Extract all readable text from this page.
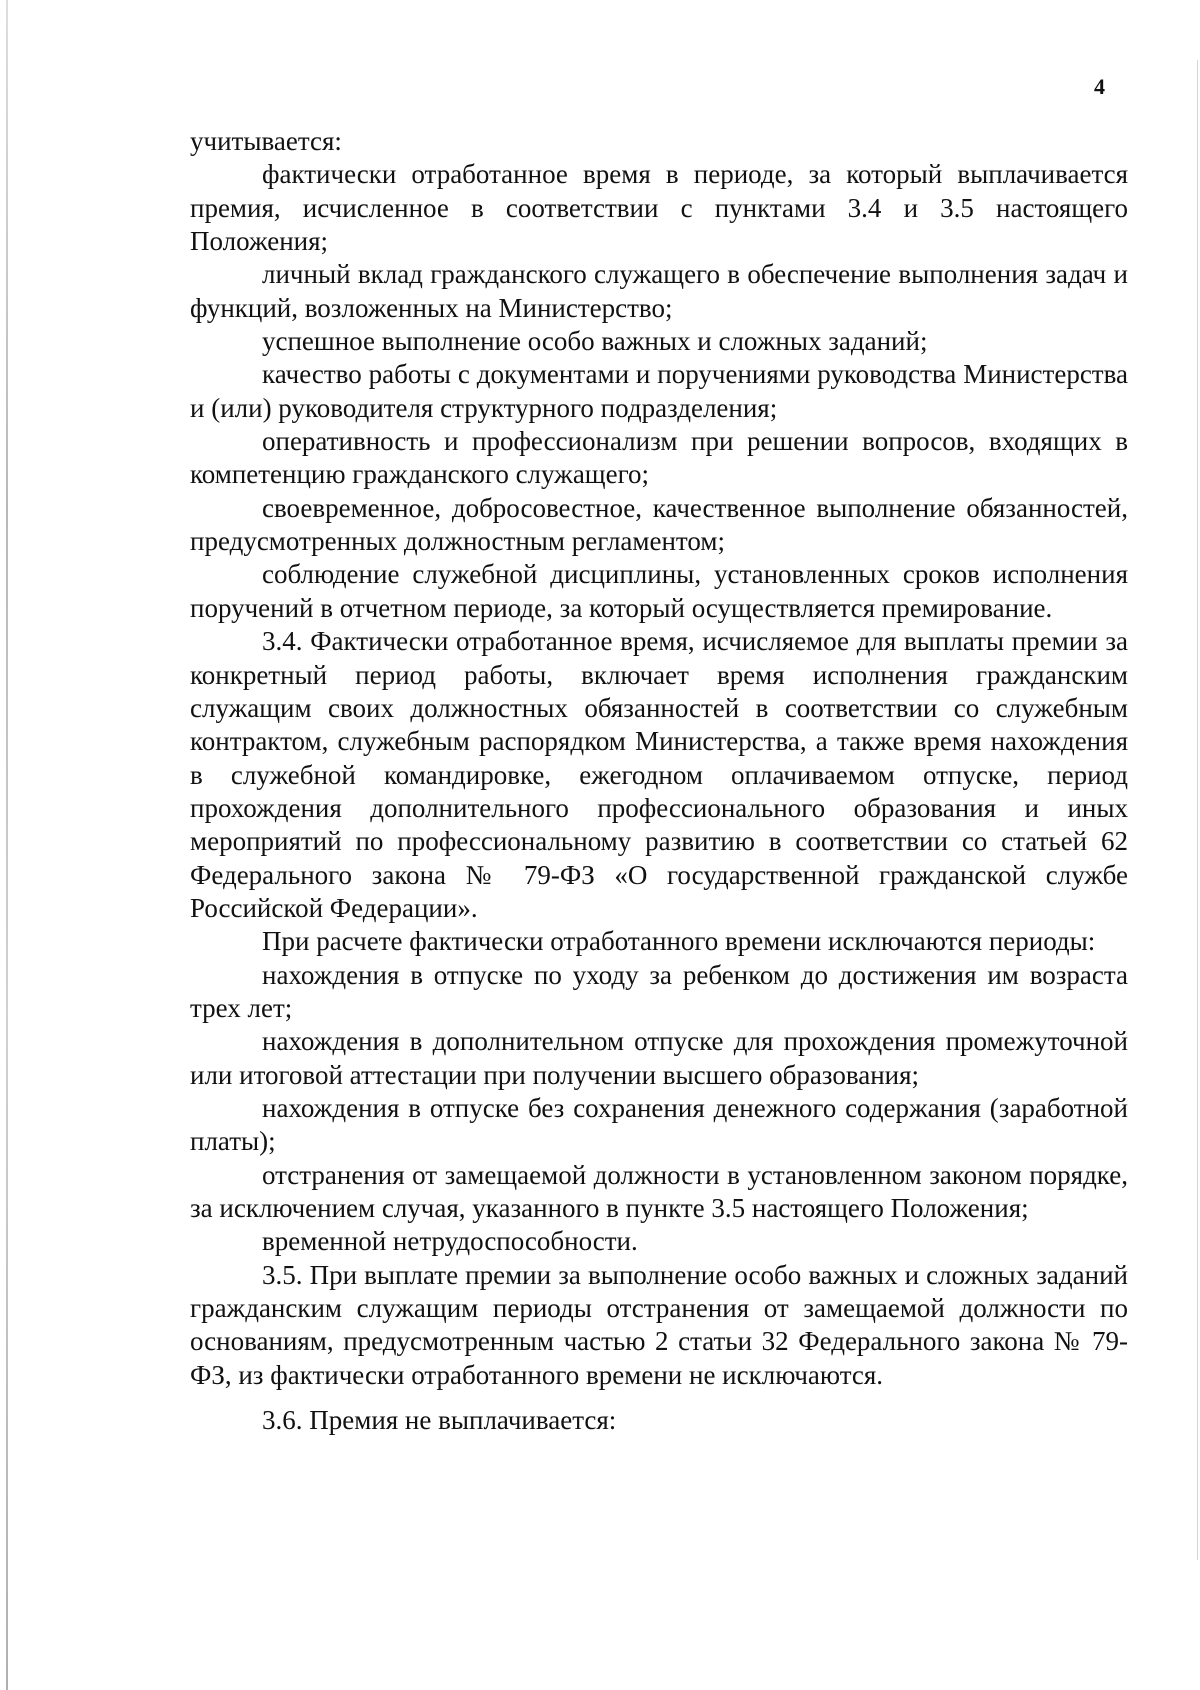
4

учитывается:

фактически отработанное время в периоде, за который выплачивается премия, исчисленное в соответствии с пунктами 3.4 и 3.5 настоящего Положения;

личный вклад гражданского служащего в обеспечение выполнения задач и функций, возложенных на Министерство;

успешное выполнение особо важных и сложных заданий;

качество работы с документами и поручениями руководства Министерства и (или) руководителя структурного подразделения;

оперативность и профессионализм при решении вопросов, входящих в компетенцию гражданского служащего;

своевременное, добросовестное, качественное выполнение обязанностей, предусмотренных должностным регламентом;

соблюдение служебной дисциплины, установленных сроков исполнения поручений в отчетном периоде, за который осуществляется премирование.

3.4. Фактически отработанное время, исчисляемое для выплаты премии за конкретный период работы, включает время исполнения гражданским служащим своих должностных обязанностей в соответствии со служебным контрактом, служебным распорядком Министерства, а также время нахождения в служебной командировке, ежегодном оплачиваемом отпуске, период прохождения дополнительного профессионального образования и иных мероприятий по профессиональному развитию в соответствии со статьей 62 Федерального закона № 79-ФЗ «О государственной гражданской службе Российской Федерации».

При расчете фактически отработанного времени исключаются периоды:

нахождения в отпуске по уходу за ребенком до достижения им возраста трех лет;

нахождения в дополнительном отпуске для прохождения промежуточной или итоговой аттестации при получении высшего образования;

нахождения в отпуске без сохранения денежного содержания (заработной платы);

отстранения от замещаемой должности в установленном законом порядке, за исключением случая, указанного в пункте 3.5 настоящего Положения;

временной нетрудоспособности.

3.5. При выплате премии за выполнение особо важных и сложных заданий гражданским служащим периоды отстранения от замещаемой должности по основаниям, предусмотренным частью 2 статьи 32 Федерального закона № 79-ФЗ, из фактически отработанного времени не исключаются.

3.6. Премия не выплачивается:
